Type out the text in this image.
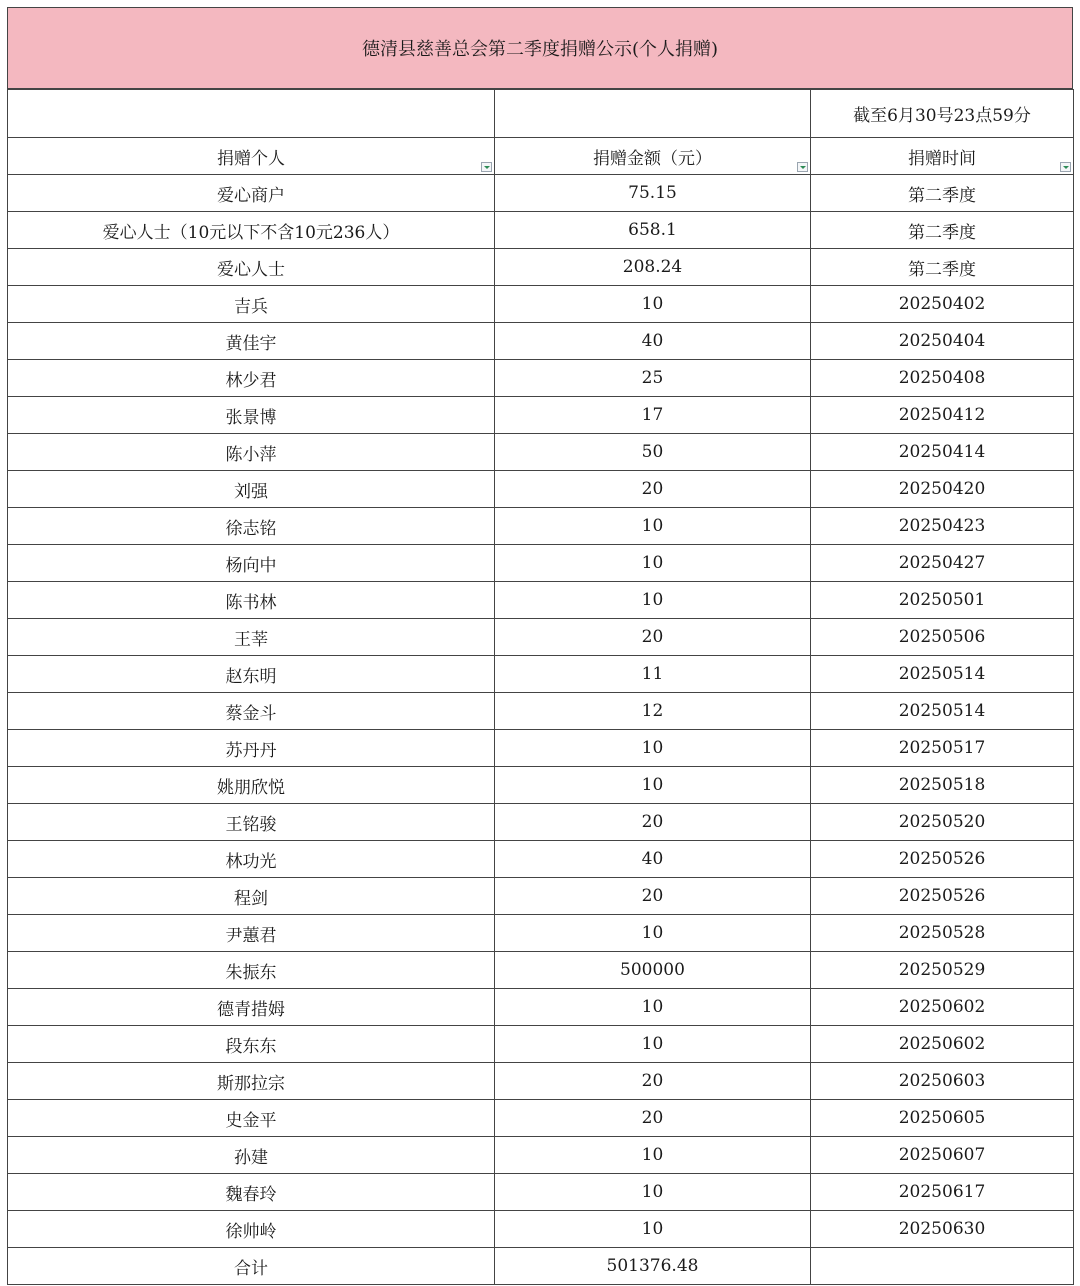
德清县慈善总会第二季度捐赠公示(个人捐赠)
		截至6月30号23点59分
捐赠个人	捐赠金额（元）	捐赠时间

爱心商户	75.15	第二季度
爱心人士（10元以下不含10元236人）	658.1	第二季度
爱心人士	208.24	第二季度
吉兵	10	20250402
黄佳宇	40	20250404
林少君	25	20250408
张景博	17	20250412
陈小萍	50	20250414
刘强	20	20250420
徐志铭	10	20250423
杨向中	10	20250427
陈书林	10	20250501
王莘	20	20250506
赵东明	11	20250514
蔡金斗	12	20250514
苏丹丹	10	20250517
姚朋欣悦	10	20250518
王铭骏	20	20250520
林功光	40	20250526
程剑	20	20250526
尹蕙君	10	20250528
朱振东	500000	20250529
德青措姆	10	20250602
段东东	10	20250602
斯那拉宗	20	20250603
史金平	20	20250605
孙建	10	20250607
魏春玲	10	20250617
徐帅岭	10	20250630
合计	501376.48	
